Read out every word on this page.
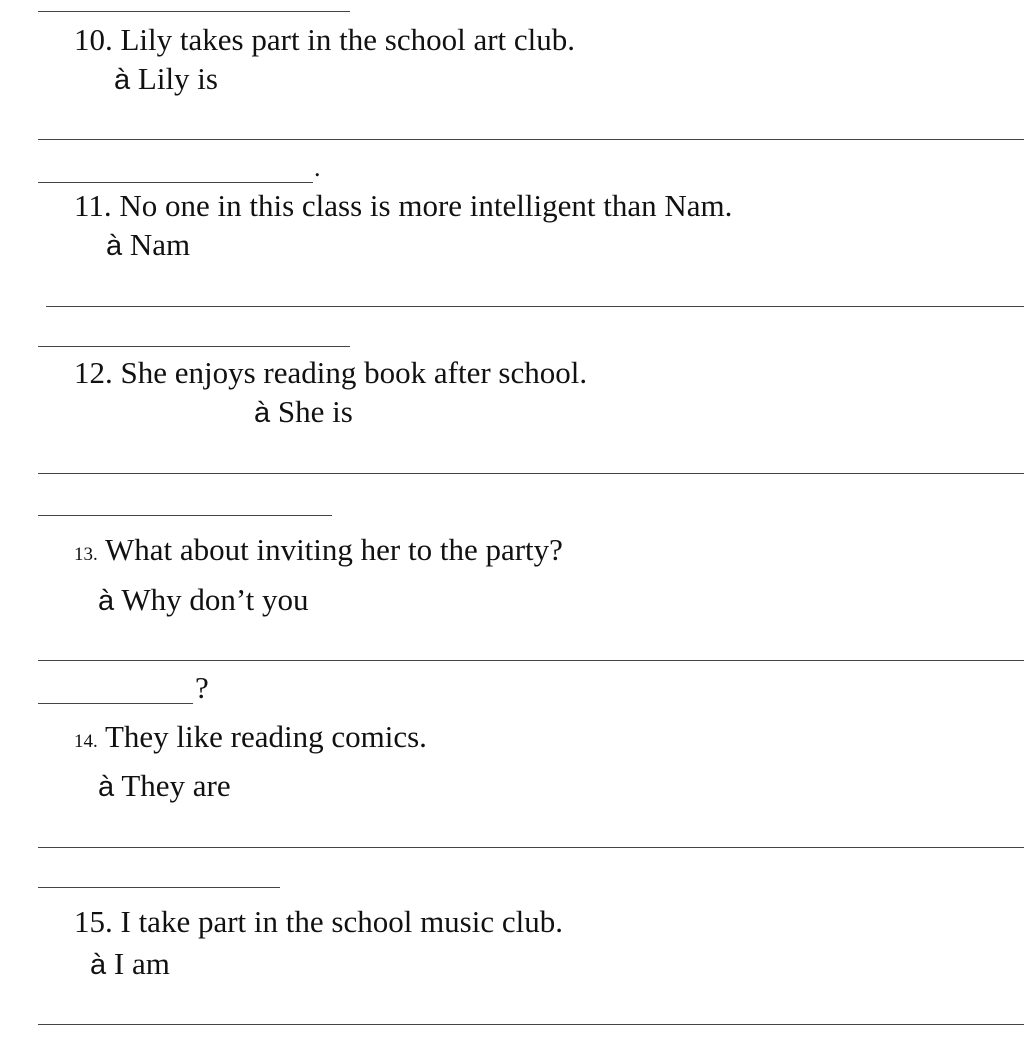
10. Lily takes part in the school art club.
à Lily is
.
11. No one in this class is more intelligent than Nam.
à Nam
12. She enjoys reading book after school.
à She is
13. What about inviting her to the party?
à Why don’t you
?
14. They like reading comics.
à They are
15. I take part in the school music club.
à I am
